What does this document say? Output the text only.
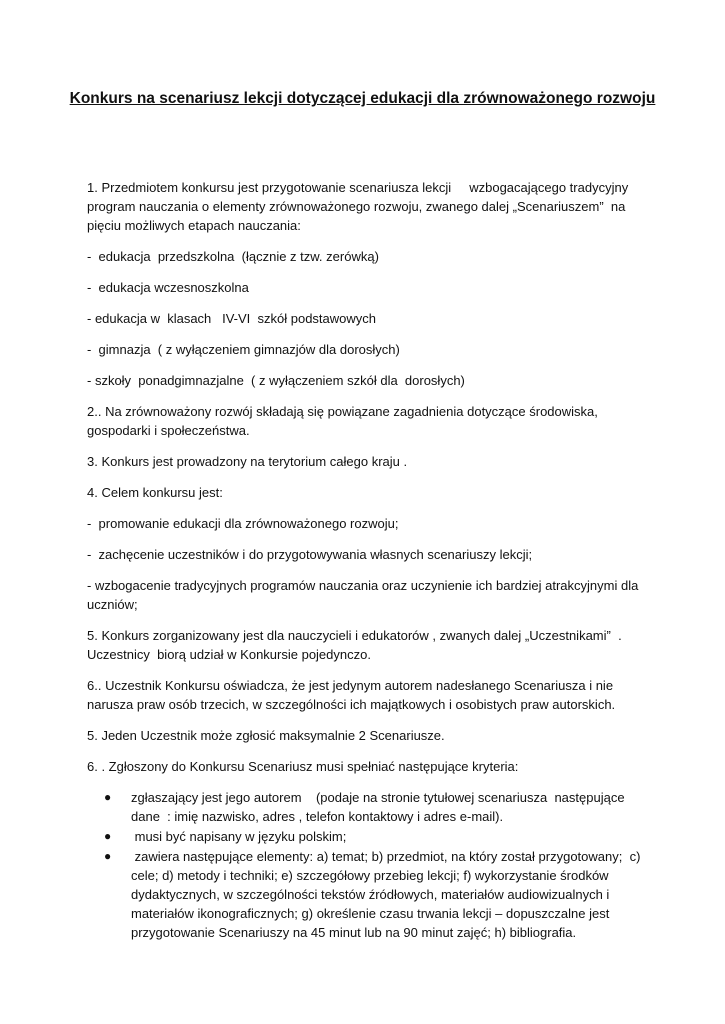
Konkurs na scenariusz lekcji dotyczącej edukacji dla zrównoważonego rozwoju

1. Przedmiotem konkursu jest przygotowanie scenariusza lekcji     wzbogacającego tradycyjny program nauczania o elementy zrównoważonego rozwoju, zwanego dalej „Scenariuszem”  na  pięciu możliwych etapach nauczania:

-  edukacja  przedszkolna  (łącznie z tzw. zerówką)

-  edukacja wczesnoszkolna

- edukacja w  klasach   IV-VI  szkół podstawowych

-  gimnazja  ( z wyłączeniem gimnazjów dla dorosłych)

- szkoły  ponadgimnazjalne  ( z wyłączeniem szkół dla  dorosłych)

2.. Na zrównoważony rozwój składają się powiązane zagadnienia dotyczące środowiska, gospodarki i społeczeństwa.

3. Konkurs jest prowadzony na terytorium całego kraju .

4. Celem konkursu jest:

-  promowanie edukacji dla zrównoważonego rozwoju;

-  zachęcenie uczestników i do przygotowywania własnych scenariuszy lekcji;

- wzbogacenie tradycyjnych programów nauczania oraz uczynienie ich bardziej atrakcyjnymi dla uczniów;

5. Konkurs zorganizowany jest dla nauczycieli i edukatorów , zwanych dalej „Uczestnikami”  . Uczestnicy  biorą udział w Konkursie pojedynczo.

6.. Uczestnik Konkursu oświadcza, że jest jedynym autorem nadesłanego Scenariusza i nie narusza praw osób trzecich, w szczególności ich majątkowych i osobistych praw autorskich.

5. Jeden Uczestnik może zgłosić maksymalnie 2 Scenariusze.

6. . Zgłoszony do Konkursu Scenariusz musi spełniać następujące kryteria:

● zgłaszający jest jego autorem    (podaje na stronie tytułowej scenariusza  następujące dane  : imię nazwisko, adres , telefon kontaktowy i adres e-mail).
● musi być napisany w języku polskim;
● zawiera następujące elementy: a) temat; b) przedmiot, na który został przygotowany;  c) cele; d) metody i techniki; e) szczegółowy przebieg lekcji; f) wykorzystanie środków dydaktycznych, w szczególności tekstów źródłowych, materiałów audiowizualnych i materiałów ikonograficznych; g) określenie czasu trwania lekcji – dopuszczalne jest przygotowanie Scenariuszy na 45 minut lub na 90 minut zajęć; h) bibliografia.
